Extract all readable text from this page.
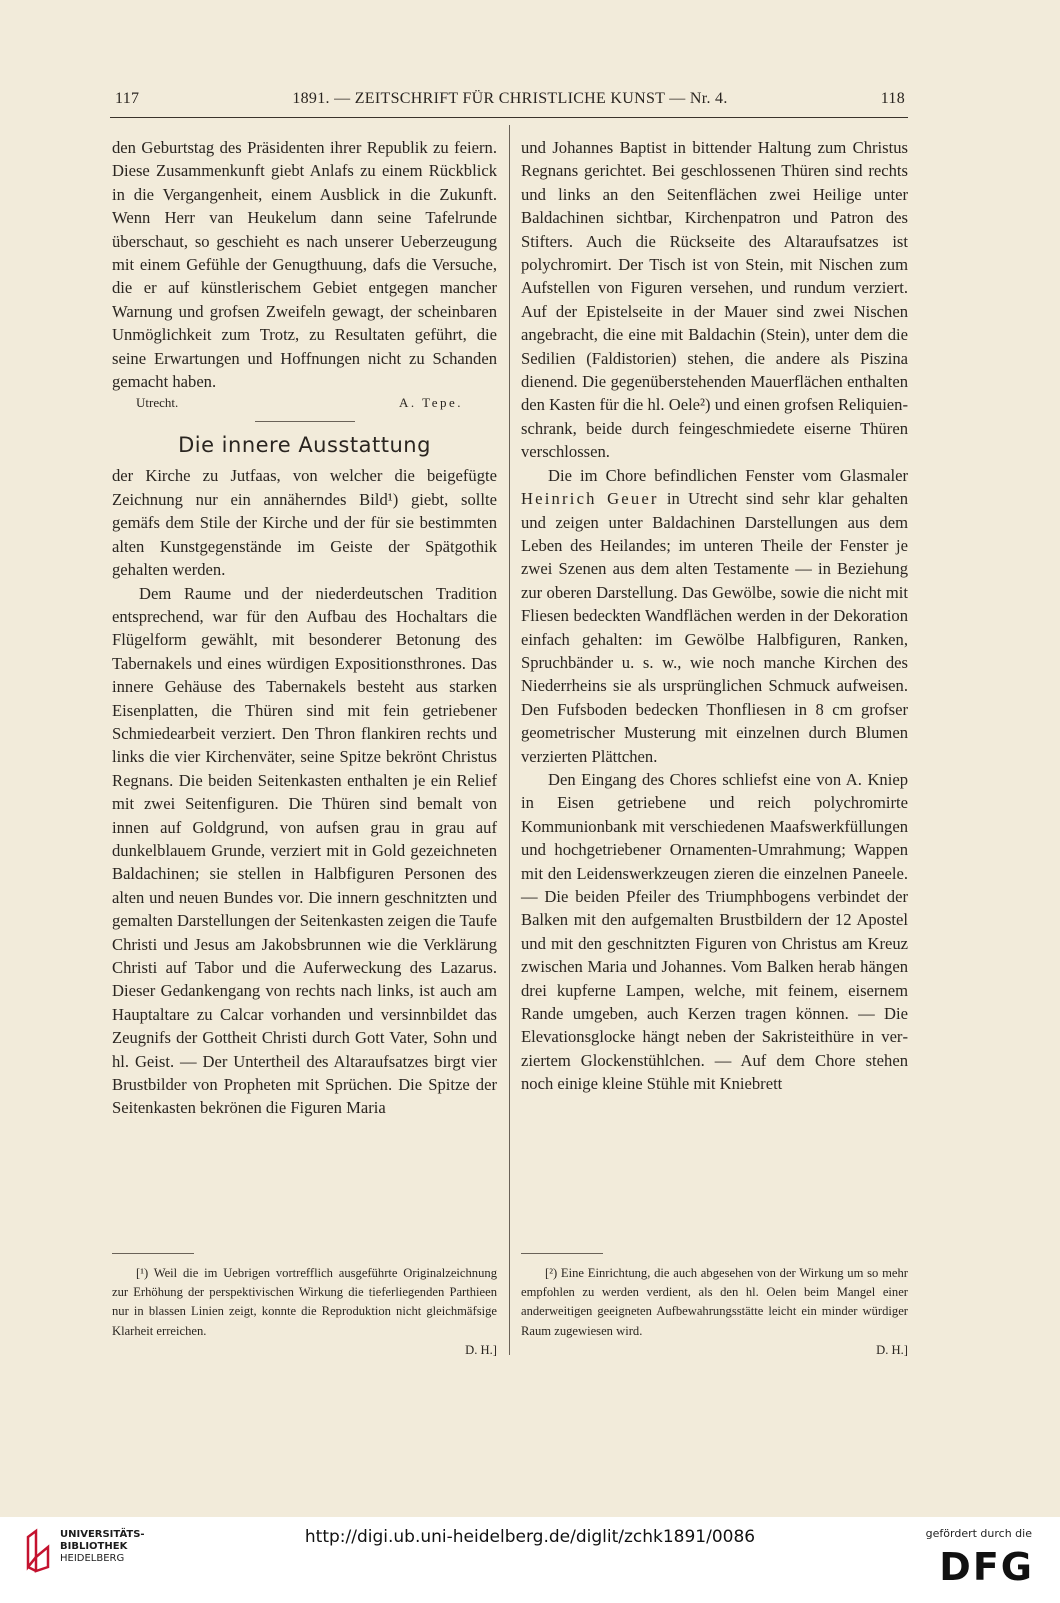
117	1891. — ZEITSCHRIFT FÜR CHRISTLICHE KUNST — Nr. 4.	118

den Geburtstag des Präsidenten ihrer Republik zu feiern. Diese Zusammenkunft giebt Anlafs zu einem Rückblick in die Vergangenheit, einem Ausblick in die Zukunft. Wenn Herr van Heukelum dann seine Tafelrunde überschaut, so geschieht es nach unserer Ueberzeugung mit einem Gefühle der Genugthuung, dafs die Versuche, die er auf künstlerischem Gebiet entgegen mancher Warnung und grofsen Zweifeln gewagt, der scheinbaren Unmöglichkeit zum Trotz, zu Resultaten geführt, die seine Erwartungen und Hoffnungen nicht zu Schanden gemacht haben.

Utrecht.	A. Tepe.
Die innere Ausstattung

der Kirche zu Jutfaas, von welcher die beigefügte Zeichnung nur ein annäherndes Bild¹) giebt, sollte gemäfs dem Stile der Kirche und der für sie bestimmten alten Kunstgegenstände im Geiste der Spätgothik gehalten werden.

Dem Raume und der niederdeutschen Tradition entsprechend, war für den Aufbau des Hochaltars die Flügelform gewählt, mit besonderer Betonung des Tabernakels und eines würdigen Expositionsthrones. Das innere Gehäuse des Tabernakels besteht aus starken Eisenplatten, die Thüren sind mit fein getriebener Schmiedearbeit verziert. Den Thron flankiren rechts und links die vier Kirchenväter, seine Spitze bekrönt Christus Regnans. Die beiden Seitenkasten enthalten je ein Relief mit zwei Seitenfiguren. Die Thüren sind bemalt von innen auf Goldgrund, von aufsen grau in grau auf dunkelblauem Grunde, verziert mit in Gold gezeichneten Baldachinen; sie stellen in Halbfiguren Personen des alten und neuen Bundes vor. Die innern geschnitzten und gemalten Darstellungen der Seitenkasten zeigen die Taufe Christi und Jesus am Jakobsbrunnen wie die Verklärung Christi auf Tabor und die Auferweckung des Lazarus. Dieser Gedankengang von rechts nach links, ist auch am Hauptaltare zu Calcar vorhanden und versinnbildet das Zeugnifs der Gottheit Christi durch Gott Vater, Sohn und hl. Geist. — Der Untertheil des Altaraufsatzes birgt vier Brustbilder von Propheten mit Sprüchen. Die Spitze der Seitenkasten bekrönen die Figuren Maria

und Johannes Baptist in bittender Haltung zum Christus Regnans gerichtet. Bei geschlossenen Thüren sind rechts und links an den Seitenflächen zwei Heilige unter Baldachinen sichtbar, Kirchenpatron und Patron des Stifters. Auch die Rückseite des Altaraufsatzes ist polychromirt. Der Tisch ist von Stein, mit Nischen zum Aufstellen von Figuren versehen, und rundum verziert. Auf der Epistelseite in der Mauer sind zwei Nischen angebracht, die eine mit Baldachin (Stein), unter dem die Sedilien (Faldistorien) stehen, die andere als Piszina dienend. Die gegenüberstehenden Mauerflächen enthalten den Kasten für die hl. Oele²) und einen grofsen Reliquienschrank, beide durch feingeschmiedete eiserne Thüren verschlossen.

Die im Chore befindlichen Fenster vom Glasmaler Heinrich Geuer in Utrecht sind sehr klar gehalten und zeigen unter Baldachinen Darstellungen aus dem Leben des Heilandes; im unteren Theile der Fenster je zwei Szenen aus dem alten Testamente — in Beziehung zur oberen Darstellung. Das Gewölbe, sowie die nicht mit Fliesen bedeckten Wandflächen werden in der Dekoration einfach gehalten: im Gewölbe Halbfiguren, Ranken, Spruchbänder u. s. w., wie noch manche Kirchen des Niederrheins sie als ursprünglichen Schmuck aufweisen. Den Fufsboden bedecken Thonfliesen in 8 cm grofser geometrischer Musterung mit einzelnen durch Blumen verzierten Plättchen.

Den Eingang des Chores schliefst eine von A. Kniep in Eisen getriebene und reich polychromirte Kommunionbank mit verschiedenen Maafswerkfüllungen und hochgetriebener Ornamenten-Umrahmung; Wappen mit den Leidenswerkzeugen zieren die einzelnen Paneele. — Die beiden Pfeiler des Triumphbogens verbindet der Balken mit den aufgemalten Brustbildern der 12 Apostel und mit den geschnitzten Figuren von Christus am Kreuz zwischen Maria und Johannes. Vom Balken herab hängen drei kupferne Lampen, welche, mit feinem, eisernem Rande umgeben, auch Kerzen tragen können. — Die Elevationsglocke hängt neben der Sakristeithüre in verziertem Glockenstühlchen. — Auf dem Chore stehen noch einige kleine Stühle mit Kniebrett

[¹) Weil die im Uebrigen vortrefflich ausgeführte Originalzeichnung zur Erhöhung der perspektivischen Wirkung die tieferliegenden Parthieen nur in blassen Linien zeigt, konnte die Reproduktion nicht gleichmäfsige Klarheit erreichen.

D. H.]

[²) Eine Einrichtung, die auch abgesehen von der Wirkung um so mehr empfohlen zu werden verdient, als den hl. Oelen beim Mangel einer anderweitigen geeigneten Aufbewahrungsstätte leicht ein minder würdiger Raum zugewiesen wird.

D. H.]

UNIVERSITÄTS-
BIBLIOTHEK
HEIDELBERG
http://digi.ub.uni-heidelberg.de/diglit/zchk1891/0086	gefördert durch die
DFG
